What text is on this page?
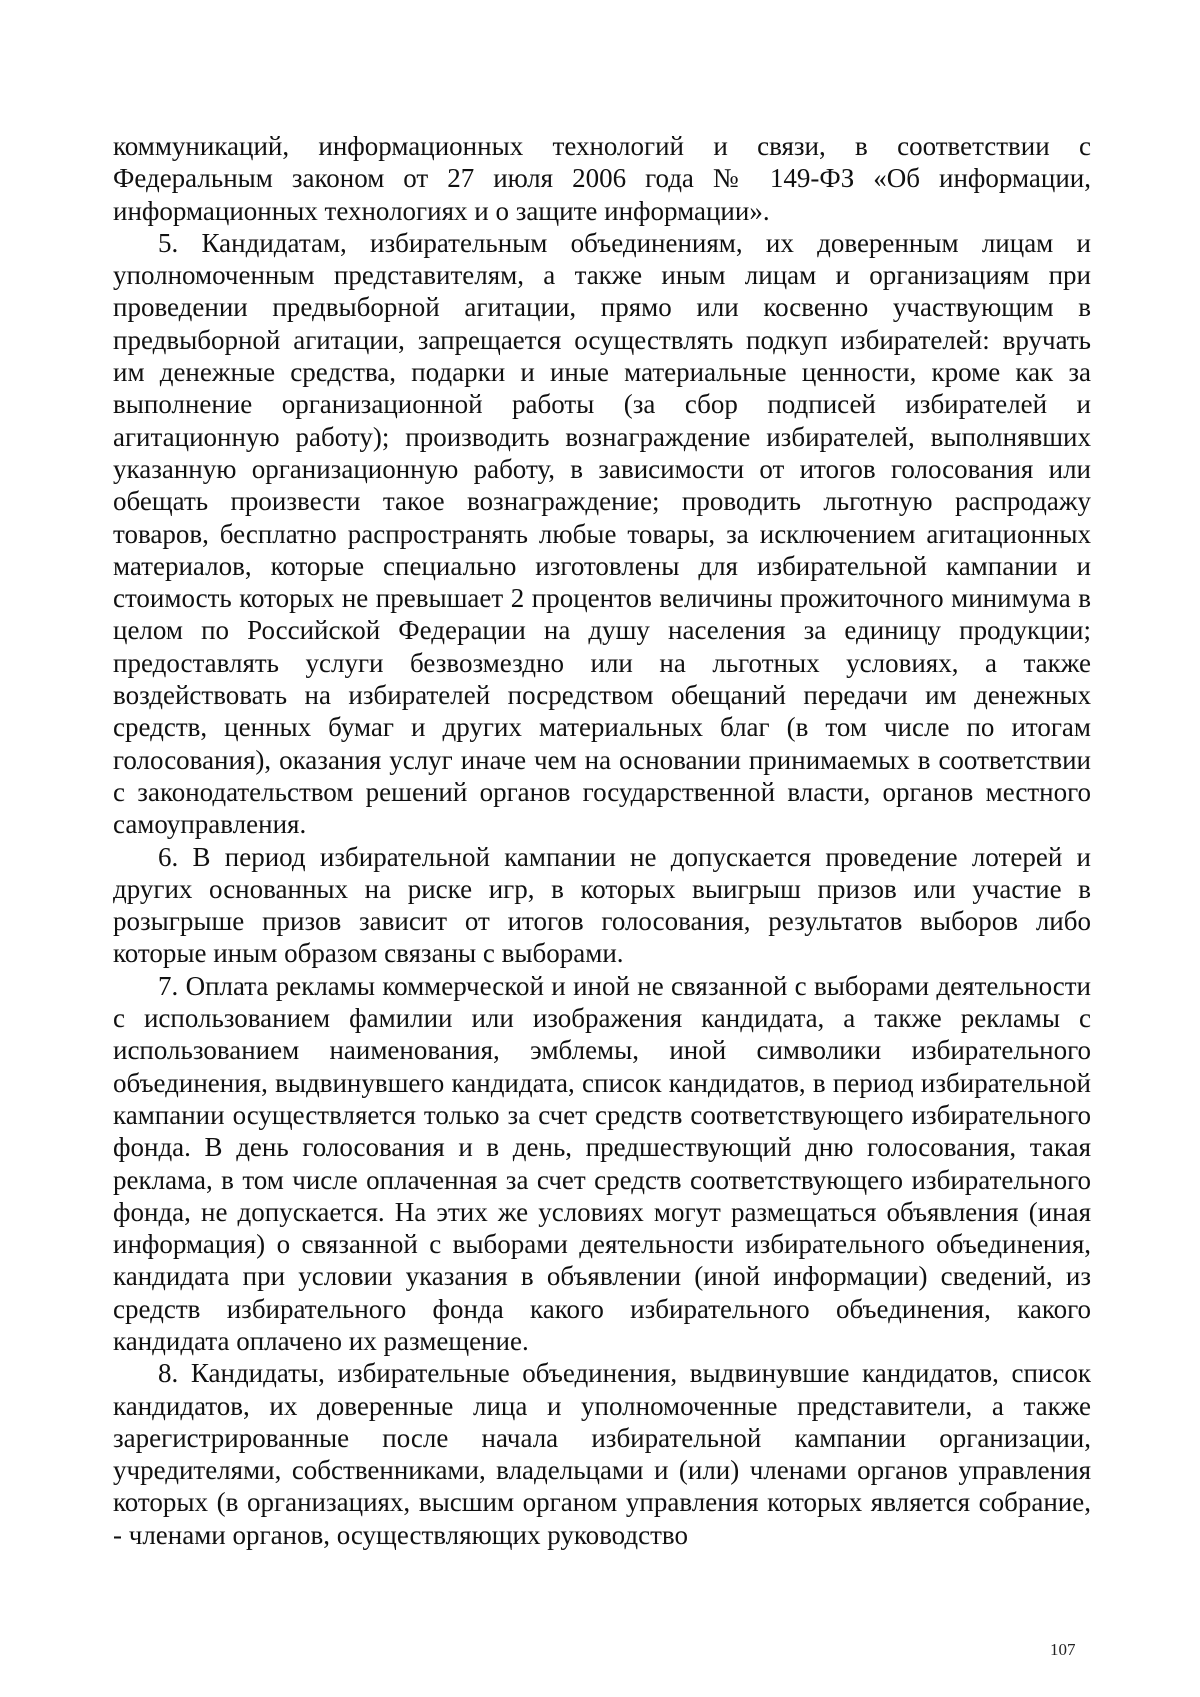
коммуникаций, информационных технологий и связи, в соответствии с Федеральным законом от 27 июля 2006 года № 149-ФЗ «Об информации, информационных технологиях и о защите информации».

5. Кандидатам, избирательным объединениям, их доверенным лицам и уполномоченным представителям, а также иным лицам и организациям при проведении предвыборной агитации, прямо или косвенно участвующим в предвыборной агитации, запрещается осуществлять подкуп избирателей: вручать им денежные средства, подарки и иные материальные ценности, кроме как за выполнение организационной работы (за сбор подписей избирателей и агитационную работу); производить вознаграждение избирателей, выполнявших указанную организационную работу, в зависимости от итогов голосования или обещать произвести такое вознаграждение; проводить льготную распродажу товаров, бесплатно распространять любые товары, за исключением агитационных материалов, которые специально изготовлены для избирательной кампании и стоимость которых не превышает 2 процентов величины прожиточного минимума в целом по Российской Федерации на душу населения за единицу продукции; предоставлять услуги безвозмездно или на льготных условиях, а также воздействовать на избирателей посредством обещаний передачи им денежных средств, ценных бумаг и других материальных благ (в том числе по итогам голосования), оказания услуг иначе чем на основании принимаемых в соответствии с законодательством решений органов государственной власти, органов местного самоуправления.

6. В период избирательной кампании не допускается проведение лотерей и других основанных на риске игр, в которых выигрыш призов или участие в розыгрыше призов зависит от итогов голосования, результатов выборов либо которые иным образом связаны с выборами.

7. Оплата рекламы коммерческой и иной не связанной с выборами деятельности с использованием фамилии или изображения кандидата, а также рекламы с использованием наименования, эмблемы, иной символики избирательного объединения, выдвинувшего кандидата, список кандидатов, в период избирательной кампании осуществляется только за счет средств соответствующего избирательного фонда. В день голосования и в день, предшествующий дню голосования, такая реклама, в том числе оплаченная за счет средств соответствующего избирательного фонда, не допускается. На этих же условиях могут размещаться объявления (иная информация) о связанной с выборами деятельности избирательного объединения, кандидата при условии указания в объявлении (иной информации) сведений, из средств избирательного фонда какого избирательного объединения, какого кандидата оплачено их размещение.

8. Кандидаты, избирательные объединения, выдвинувшие кандидатов, список кандидатов, их доверенные лица и уполномоченные представители, а также зарегистрированные после начала избирательной кампании организации, учредителями, собственниками, владельцами и (или) членами органов управления которых (в организациях, высшим органом управления которых является собрание, - членами органов, осуществляющих руководство

107
